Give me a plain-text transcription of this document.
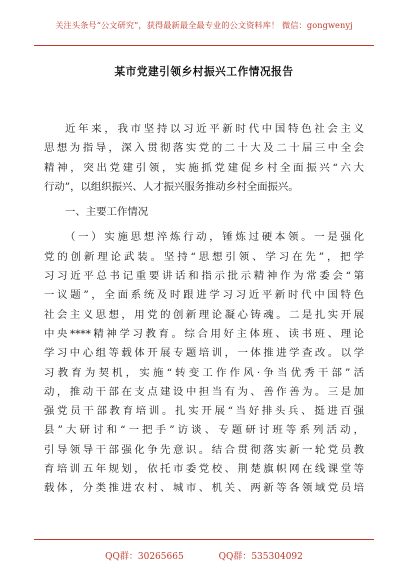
关注头条号“公文研究”，获得最新最全最专业的公文资料库！ 微信：gongwenyj
某市党建引领乡村振兴工作情况报告
近年来，我市坚持以习近平新时代中国特色社会主义
思想为指导，深入贯彻落实党的二十大及二十届三中全会
精神，突出党建引领，实施抓党建促乡村全面振兴“六大
行动”，以组织振兴、人才振兴服务推动乡村全面振兴。
一、主要工作情况
（一）实施思想淬炼行动，锤炼过硬本领。一是强化
党的创新理论武装。坚持“思想引领、学习在先”，把学
习习近平总书记重要讲话和指示批示精神作为常委会“第
一议题”，全面系统及时跟进学习习近平新时代中国特色
社会主义思想，用党的创新理论凝心铸魂。二是扎实开展
中央****精神学习教育。综合用好主体班、读书班、理论
学习中心组等载体开展专题培训，一体推进学查改。以学
习教育为契机，实施“转变工作作风·争当优秀干部”活
动，推动干部在支点建设中担当有为、善作善为。三是加
强党员干部教育培训。扎实开展“当好排头兵、挺进百强
县”大研讨和“一把手”访谈、专题研讨班等系列活动，
引导领导干部强化争先意识。结合贯彻落实新一轮党员教
育培训五年规划，依托市委党校、荆楚旗帜网在线课堂等
载体，分类推进农村、城市、机关、两新等各领域党员培
QQ群：30265665	QQ群：535304092
